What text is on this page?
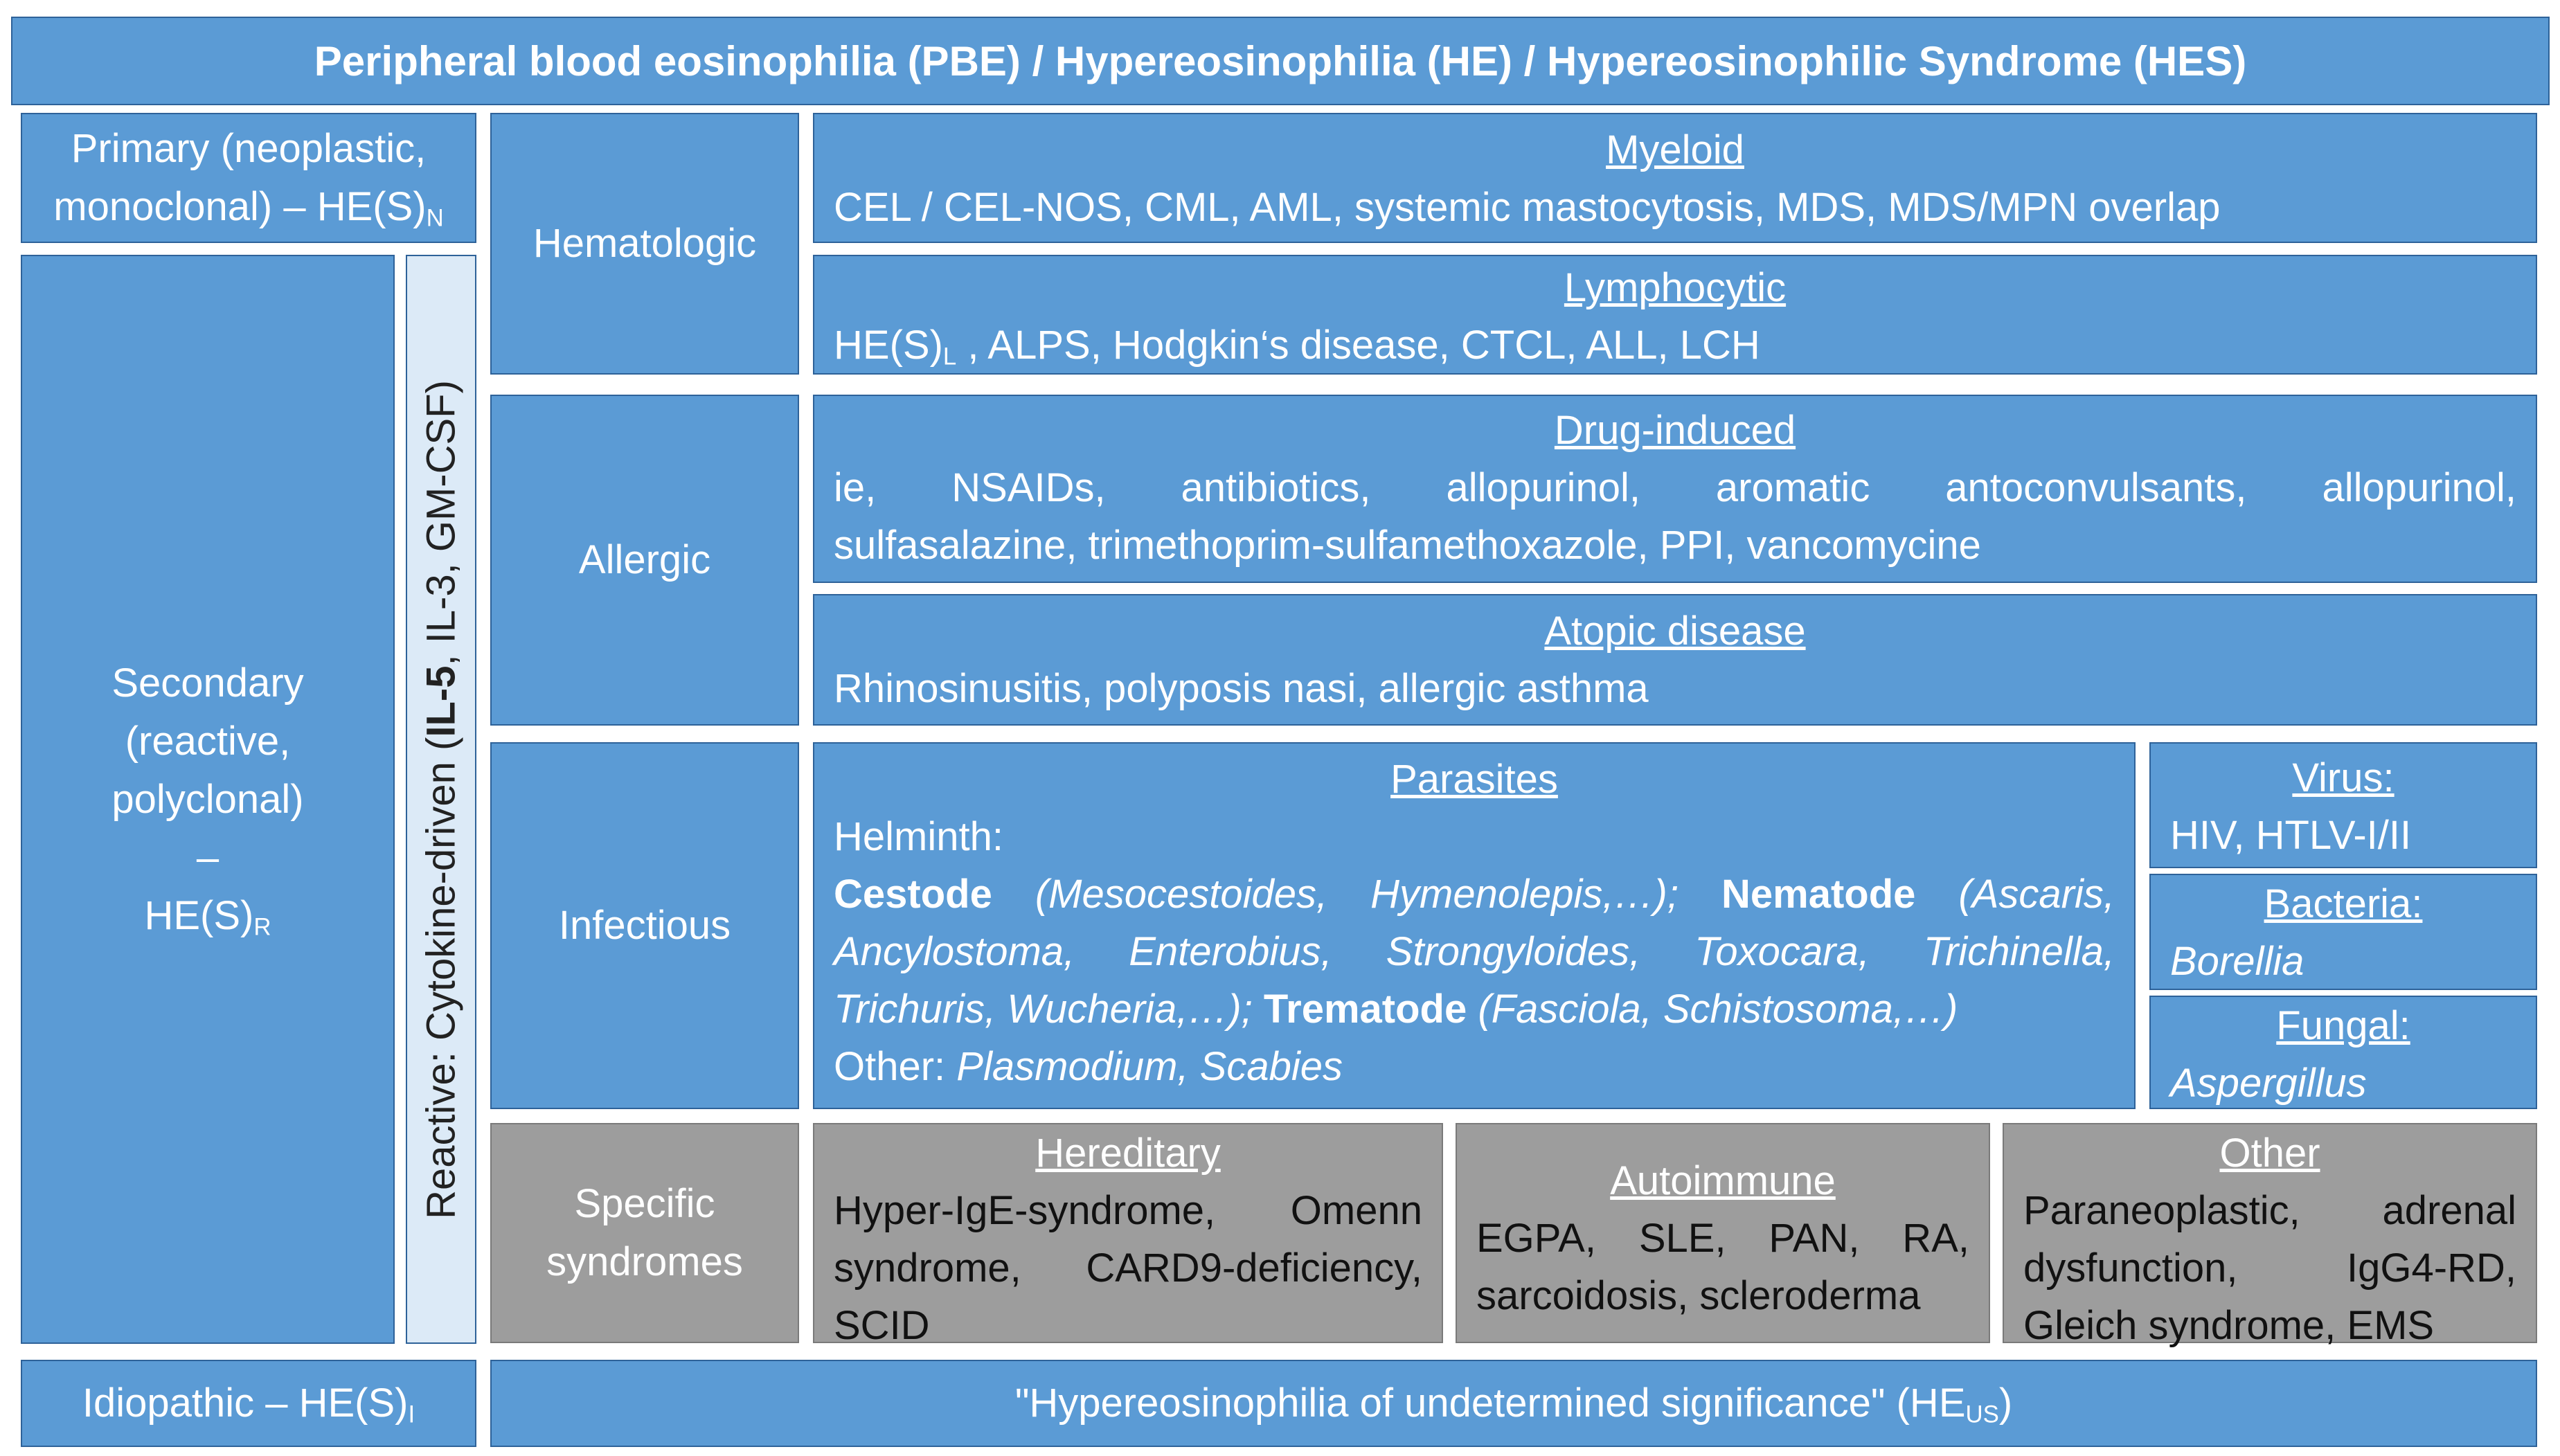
Peripheral blood eosinophilia (PBE) / Hypereosinophilia (HE) / Hypereosinophilic Syndrome (HES)
Primary (neoplastic,
monoclonal) – $HE(S)_N$
Secondary
(reactive,
polyclonal)
–
$HE(S)_R$	Reactive: Cytokine-driven (IL-5, IL-3, GM-CSF)
Idiopathic – $HE(S)_I$
Hematologic
Allergic
Infectious
Specific
syndromes
Myeloid
CEL / CEL-NOS, CML, AML, systemic mastocytosis, MDS, MDS/MPN overlap
Lymphocytic
$HE(S)_L$ , ALPS, Hodgkin‘s disease, CTCL, ALL, LCH
Drug-induced
ie, NSAIDs, antibiotics, allopurinol, aromatic antoconvulsants, allopurinol,
sulfasalazine, trimethoprim-sulfamethoxazole, PPI, vancomycine
Atopic disease
Rhinosinusitis, polyposis nasi, allergic asthma
Parasites
Helminth:
Cestode (Mesocestoides, Hymenolepis,…); Nematode (Ascaris, Ancylostoma, Enterobius, Strongyloides, Toxocara, Trichinella, Trichuris, Wucheria,…); Trematode (Fasciola, Schistosoma,…)
Other: Plasmodium, Scabies
Virus:
HIV, HTLV-I/II
Bacteria:
Borellia
Fungal:
Aspergillus
Hereditary
Hyper-IgE-syndrome, Omenn syndrome, CARD9-deficiency, SCID
Autoimmune
EGPA, SLE, PAN, RA, sarcoidosis, scleroderma
Other
Paraneoplastic, adrenal dysfunction, IgG4-RD, Gleich syndrome, EMS
"Hypereosinophilia of undetermined significance" $(HE_{US})$
